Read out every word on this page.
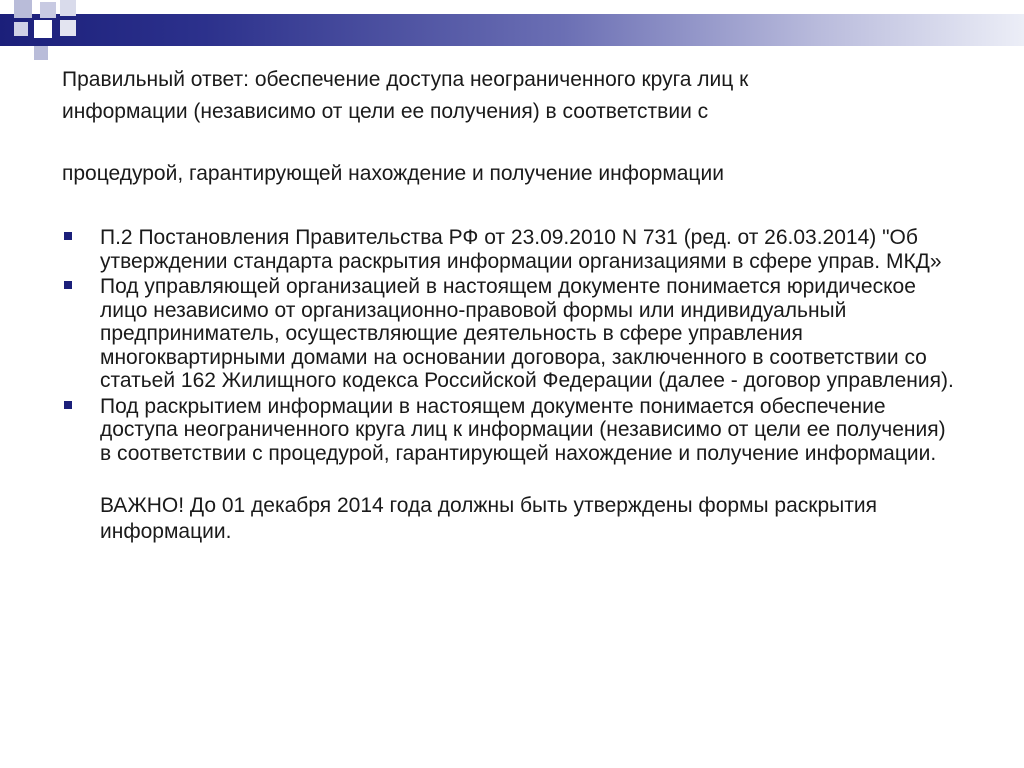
Правильный ответ: обеспечение доступа неограниченного круга лиц к

информации (независимо от цели ее получения) в соответствии с

процедурой, гарантирующей нахождение и получение информации

П.2 Постановления Правительства РФ от 23.09.2010 N 731 (ред. от 26.03.2014) "Об утверждении стандарта раскрытия информации организациями в сфере управ. МКД»
Под управляющей организацией в настоящем документе понимается юридическое лицо независимо от организационно-правовой формы или индивидуальный предприниматель, осуществляющие деятельность в сфере управления многоквартирными домами на основании договора, заключенного в соответствии со статьей 162 Жилищного кодекса Российской Федерации (далее - договор управления).
Под раскрытием информации в настоящем документе понимается обеспечение доступа неограниченного круга лиц к информации (независимо от цели ее получения) в соответствии с процедурой, гарантирующей нахождение и получение информации.
ВАЖНО! До 01 декабря 2014 года должны быть утверждены формы раскрытия информации.
